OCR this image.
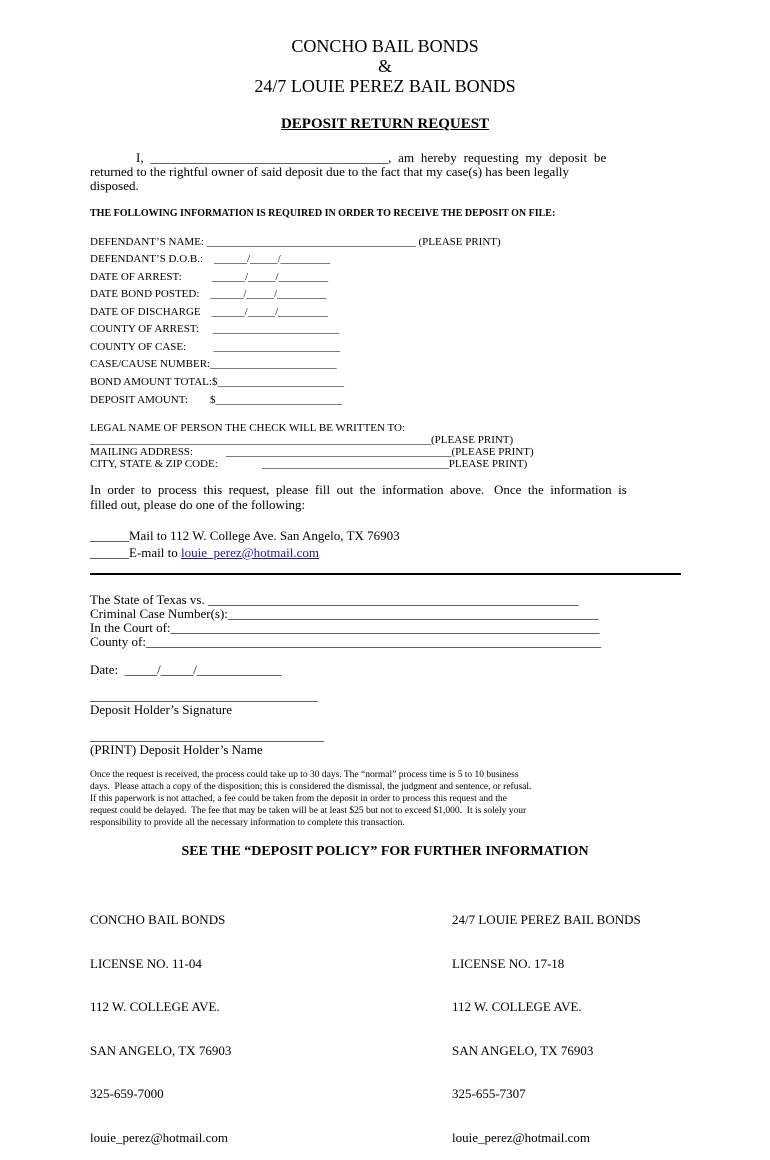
CONCHO BAIL BONDS
&
24/7 LOUIE PEREZ BAIL BONDS
DEPOSIT RETURN REQUEST
I,  ____________________________________,  am  hereby  requesting  my  deposit  be
returned to the rightful owner of said deposit due to the fact that my case(s) has been legally
disposed.
THE FOLLOWING INFORMATION IS REQUIRED IN ORDER TO RECEIVE THE DEPOSIT ON FILE:
DEFENDANT’S NAME: ______________________________________ (PLEASE PRINT)
DEFENDANT’S D.O.B.:    ______/_____/_________
DATE OF ARREST:           ______/_____/_________
DATE BOND POSTED:    ______/_____/_________
DATE OF DISCHARGE    ______/_____/_________
COUNTY OF ARREST:     _______________________
COUNTY OF CASE:          _______________________
CASE/CAUSE NUMBER:_______________________
BOND AMOUNT TOTAL:$_______________________
DEPOSIT AMOUNT:        $_______________________
LEGAL NAME OF PERSON THE CHECK WILL BE WRITTEN TO:
______________________________________________________________(PLEASE PRINT)
MAILING ADDRESS:            _________________________________________(PLEASE PRINT)
CITY, STATE & ZIP CODE:                __________________________________PLEASE PRINT)
In  order  to  process  this  request,  please  fill  out  the  information  above.   Once  the  information  is
filled out, please do one of the following:
______Mail to 112 W. College Ave. San Angelo, TX 76903
______E-mail to louie_perez@hotmail.com
The State of Texas vs. _________________________________________________________
Criminal Case Number(s):_________________________________________________________
In the Court of:__________________________________________________________________
County of:______________________________________________________________________
Date:  _____/_____/_____________
___________________________________
Deposit Holder’s Signature
____________________________________
(PRINT) Deposit Holder’s Name
Once the request is received, the process could take up to 30 days. The “normal” process time is 5 to 10 business
days.  Please attach a copy of the disposition; this is considered the dismissal, the judgment and sentence, or refusal.
If this paperwork is not attached, a fee could be taken from the deposit in order to process this request and the
request could be delayed.  The fee that may be taken will be at least $25 but not to exceed $1,000.  It is solely your
responsibility to provide all the necessary information to complete this transaction.
SEE THE “DEPOSIT POLICY” FOR FURTHER INFORMATION

CONCHO BAIL BONDS

LICENSE NO. 11-04

112 W. COLLEGE AVE.

SAN ANGELO, TX 76903

325-659-7000

louie_perez@hotmail.com

24/7 LOUIE PEREZ BAIL BONDS

LICENSE NO. 17-18

112 W. COLLEGE AVE.

SAN ANGELO, TX 76903

325-655-7307

louie_perez@hotmail.com
